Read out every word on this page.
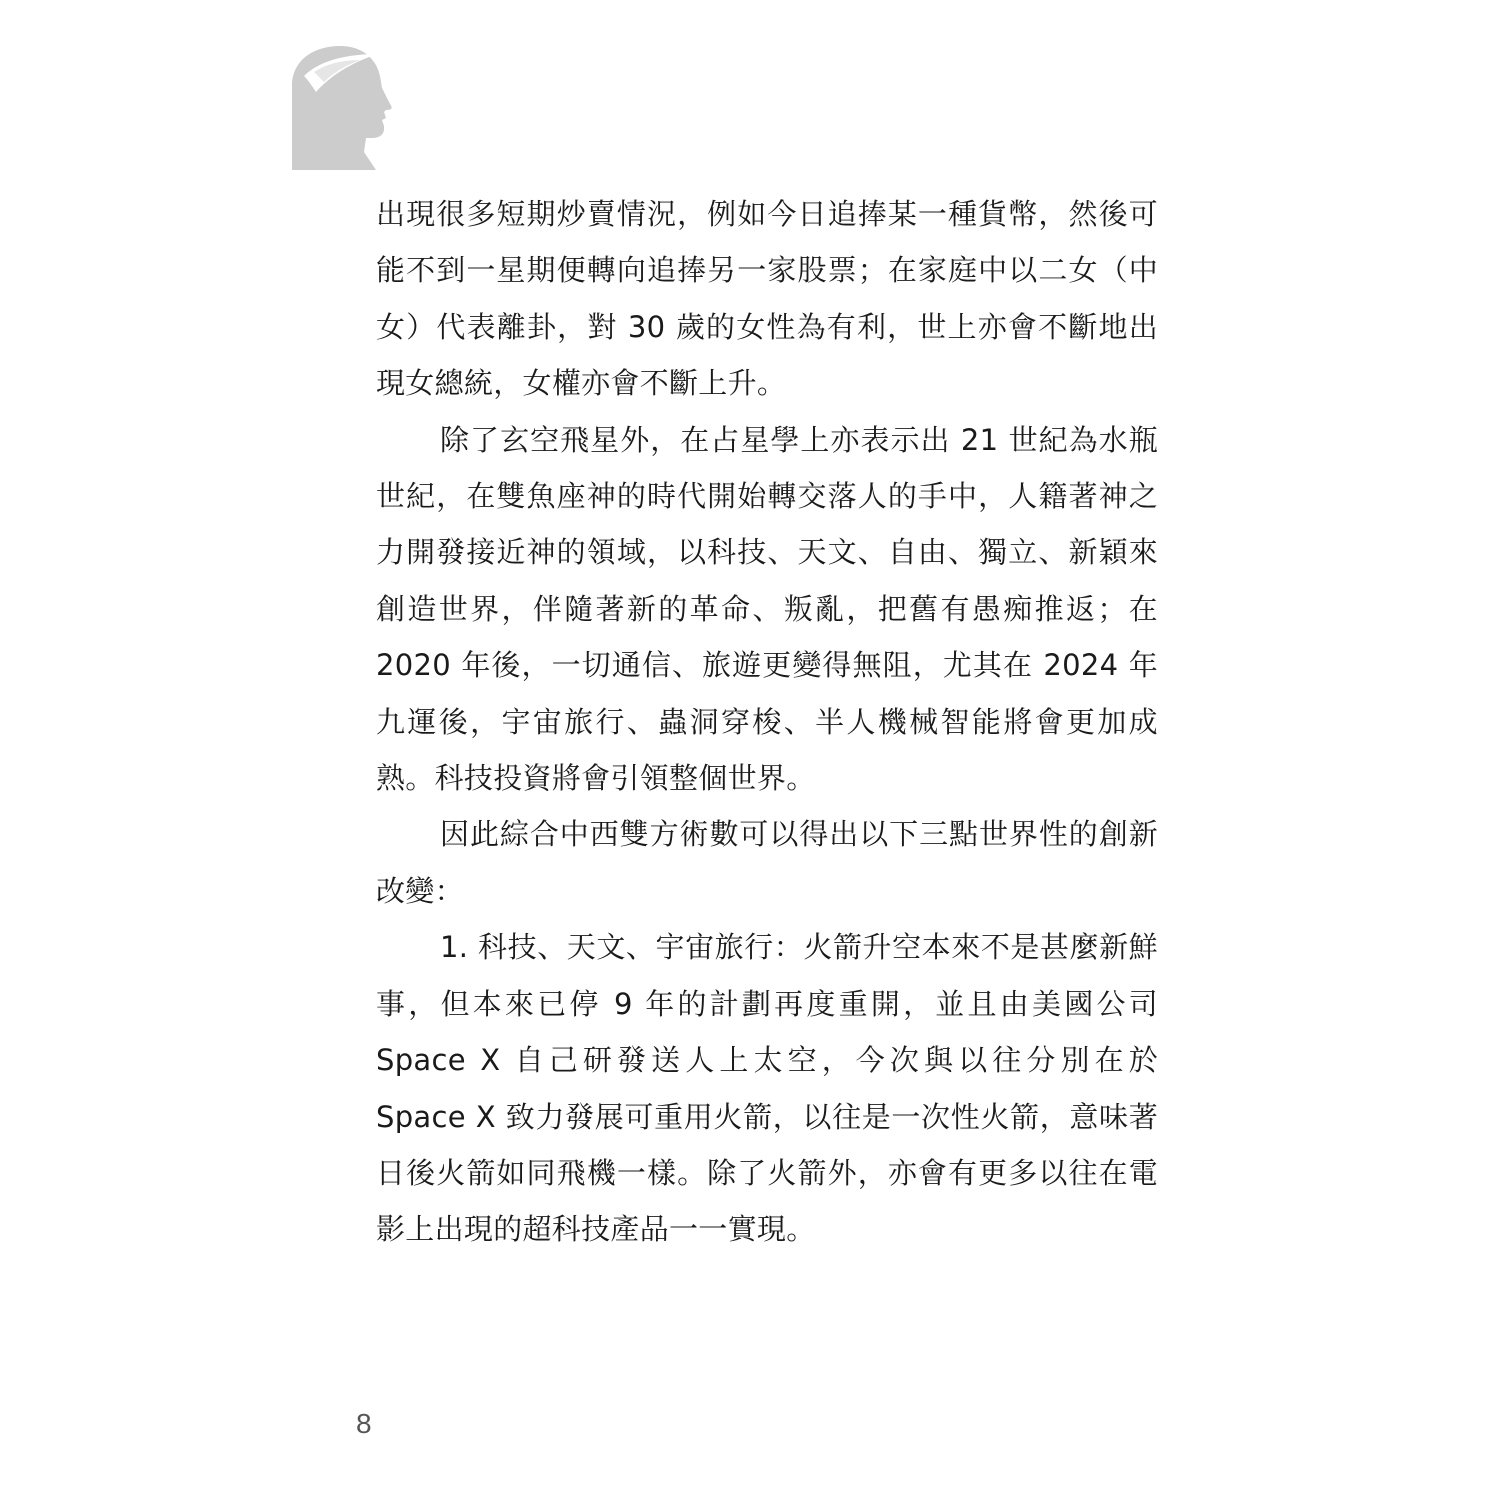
出現很多短期炒賣情況，例如今日追捧某一種貨幣，然後可能不到一星期便轉向追捧另一家股票；在家庭中以二女（中女）代表離卦，對 30 歲的女性為有利，世上亦會不斷地出現女總統，女權亦會不斷上升。

除了玄空飛星外，在占星學上亦表示出 21 世紀為水瓶世紀，在雙魚座神的時代開始轉交落人的手中，人籍著神之力開發接近神的領域，以科技、天文、自由、獨立、新穎來創造世界，伴隨著新的革命、叛亂，把舊有愚痴推返；在 2020 年後，一切通信、旅遊更變得無阻，尤其在 2024 年九運後，宇宙旅行、蟲洞穿梭、半人機械智能將會更加成熟。科技投資將會引領整個世界。

因此綜合中西雙方術數可以得出以下三點世界性的創新改變：

1. 科技、天文、宇宙旅行：火箭升空本來不是甚麼新鮮事，但本來已停 9 年的計劃再度重開，並且由美國公司 Space X 自己研發送人上太空，今次與以往分別在於 Space X 致力發展可重用火箭，以往是一次性火箭，意味著日後火箭如同飛機一樣。除了火箭外，亦會有更多以往在電影上出現的超科技產品一一實現。

8
